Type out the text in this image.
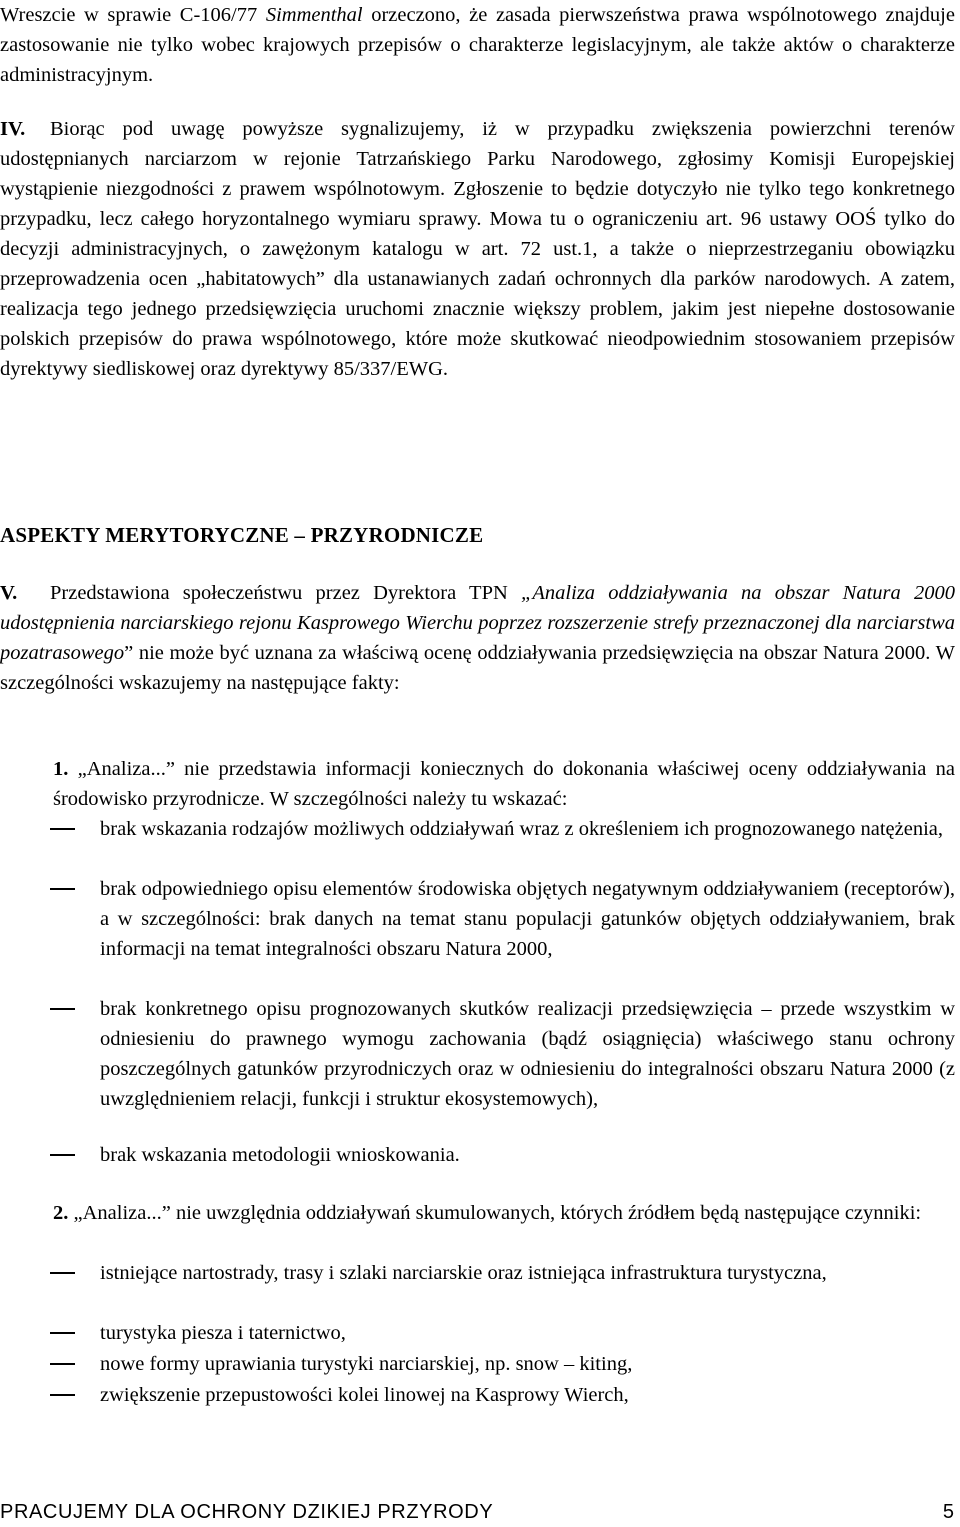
Wreszcie w sprawie C-106/77 Simmenthal orzeczono, że zasada pierwszeństwa prawa wspólnotowego znajduje zastosowanie nie tylko wobec krajowych przepisów o charakterze legislacyjnym, ale także aktów o charakterze administracyjnym.
IV. Biorąc pod uwagę powyższe sygnalizujemy, iż w przypadku zwiększenia powierzchni terenów udostępnianych narciarzom w rejonie Tatrzańskiego Parku Narodowego, zgłosimy Komisji Europejskiej wystąpienie niezgodności z prawem wspólnotowym. Zgłoszenie to będzie dotyczyło nie tylko tego konkretnego przypadku, lecz całego horyzontalnego wymiaru sprawy. Mowa tu o ograniczeniu art. 96 ustawy OOŚ tylko do decyzji administracyjnych, o zawężonym katalogu w art. 72 ust.1, a także o nieprzestrzeganiu obowiązku przeprowadzenia ocen „habitatowych” dla ustanawianych zadań ochronnych dla parków narodowych. A zatem, realizacja tego jednego przedsięwzięcia uruchomi znacznie większy problem, jakim jest niepełne dostosowanie polskich przepisów do prawa wspólnotowego, które może skutkować nieodpowiednim stosowaniem przepisów dyrektywy siedliskowej oraz dyrektywy 85/337/EWG.
ASPEKTY MERYTORYCZNE – PRZYRODNICZE
V. Przedstawiona społeczeństwu przez Dyrektora TPN „Analiza oddziaływania na obszar Natura 2000 udostępnienia narciarskiego rejonu Kasprowego Wierchu poprzez rozszerzenie strefy przeznaczonej dla narciarstwa pozatrasowego” nie może być uznana za właściwą ocenę oddziaływania przedsięwzięcia na obszar Natura 2000. W szczególności wskazujemy na następujące fakty:
1. „Analiza...” nie przedstawia informacji koniecznych do dokonania właściwej oceny oddziaływania na środowisko przyrodnicze. W szczególności należy tu wskazać:
brak wskazania rodzajów możliwych oddziaływań wraz z określeniem ich prognozowanego natężenia,
brak odpowiedniego opisu elementów środowiska objętych negatywnym oddziaływaniem (receptorów), a w szczególności: brak danych na temat stanu populacji gatunków objętych oddziaływaniem, brak informacji na temat integralności obszaru Natura 2000,
brak konkretnego opisu prognozowanych skutków realizacji przedsięwzięcia – przede wszystkim w odniesieniu do prawnego wymogu zachowania (bądź osiągnięcia) właściwego stanu ochrony poszczególnych gatunków przyrodniczych oraz w odniesieniu do integralności obszaru Natura 2000 (z uwzględnieniem relacji, funkcji i struktur ekosystemowych),
brak wskazania metodologii wnioskowania.
2. „Analiza...” nie uwzględnia oddziaływań skumulowanych, których źródłem będą następujące czynniki:
istniejące nartostrady, trasy i szlaki narciarskie oraz istniejąca infrastruktura turystyczna,
turystyka piesza i taternictwo,
nowe formy uprawiania turystyki narciarskiej, np. snow – kiting,
zwiększenie przepustowości kolei linowej na Kasprowy Wierch,
PRACUJEMY DLA OCHRONY DZIKIEJ PRZYRODY	5
